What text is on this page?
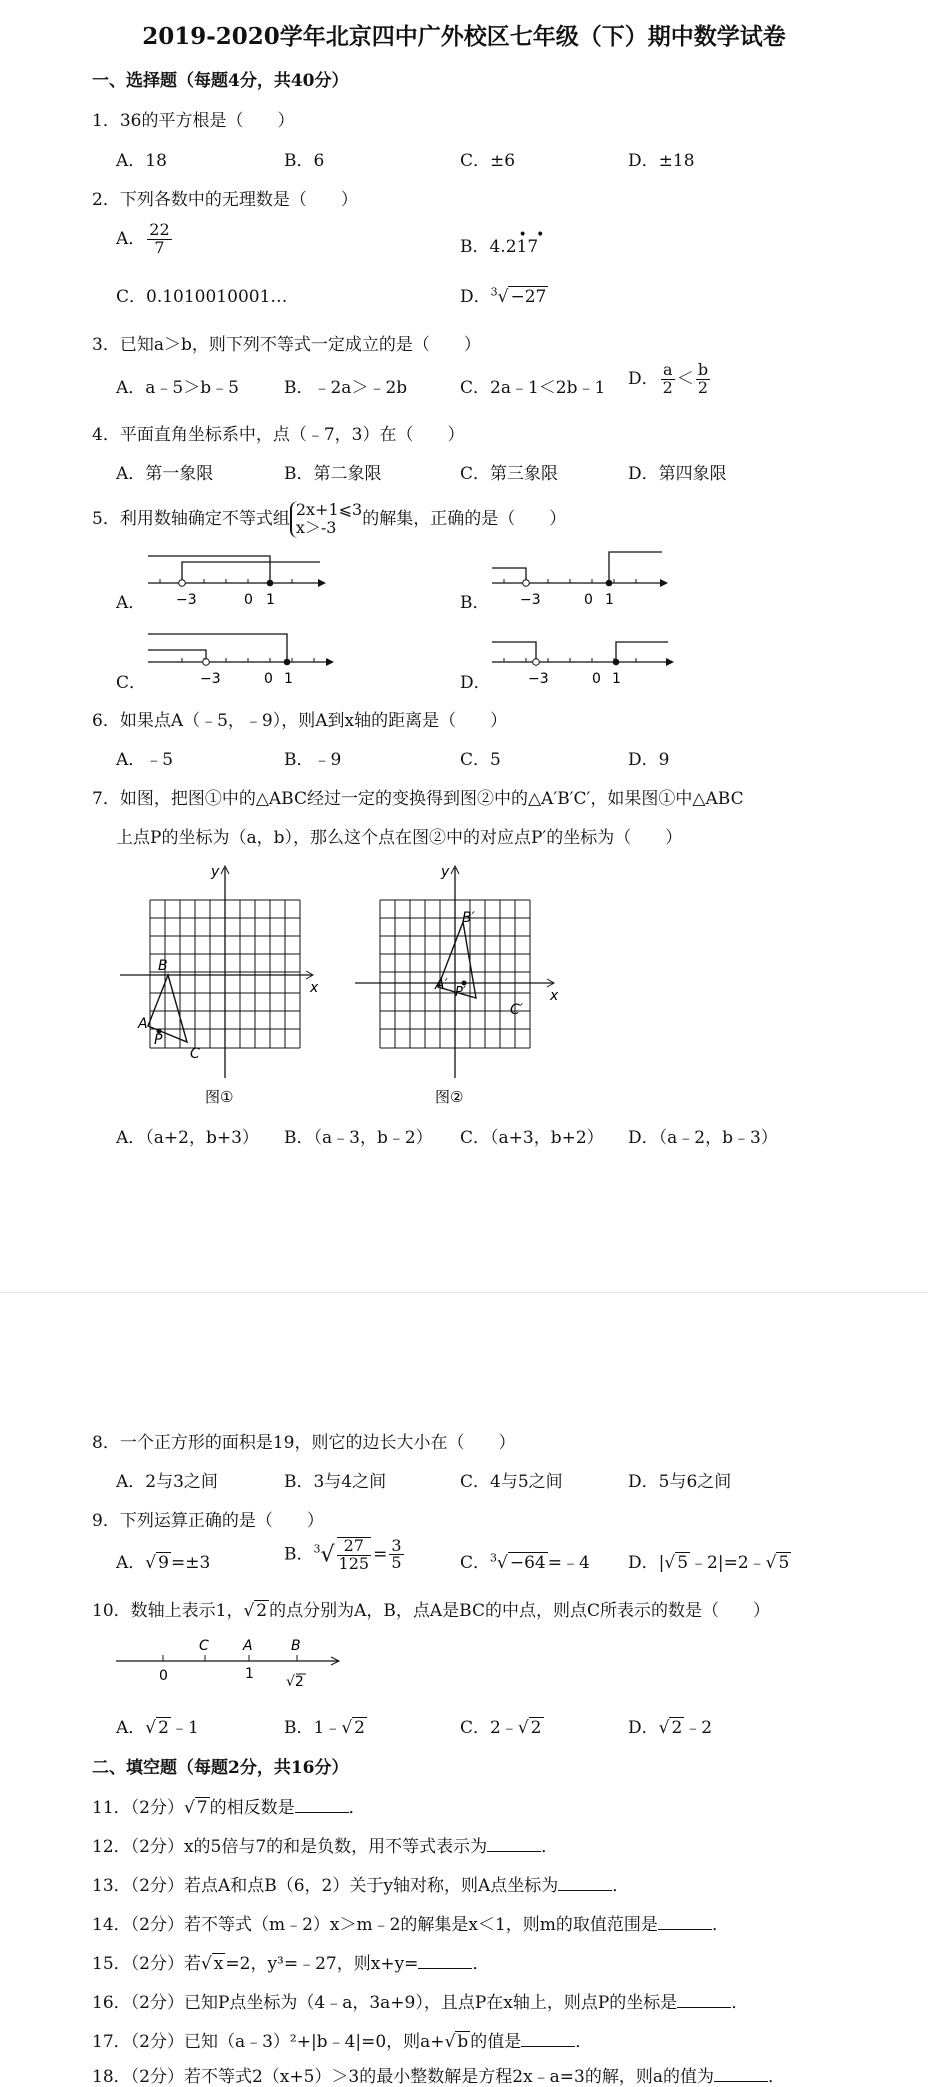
2019-2020学年北京四中广外校区七年级（下）期中数学试卷
一、选择题（每题4分，共40分）
1．36的平方根是（　　）
A．18	B．6	C．±6	D．±18
2．下列各数中的无理数是（　　）
A． $\frac{22}{7}$	B．4.2
• •
17
C．0.1010010001…	D．$^3$√ −27
3．已知a＞b，则下列不等式一定成立的是（　　）
A．a﹣5＞b﹣5	B．﹣2a＞﹣2b	C．2a﹣1＜2b﹣1 D． $\frac{a}{2} < \frac{b}{2}$
4．平面直角坐标系中，点（﹣7，3）在（　　）
A．第一象限	B．第二象限	C．第三象限	D．第四象限
5．利用数轴确定不等式组 2x+1⩽3
x＞-3	的解集，正确的是（　　）
A．	B．
C．	D．
−3	0 1	−3	0 1
−3	0 1	−3	0 1
6．如果点A（﹣5，﹣9），则A到x轴的距离是（　　）
A．﹣5	B．﹣9	C．5	D．9
7．如图，把图①中的△ABC经过一定的变换得到图②中的△A′B′C′，如果图①中△ABC
上点P的坐标为（a，b），那么这个点在图②中的对应点P′的坐标为（　　）
y
x
B
A
P
C
图①
y
x
B′
A′ P′
C′
图②
A．（a+2，b+3） B．（a﹣3，b﹣2） C．（a+3，b+2） D．（a﹣2，b﹣3）
8．一个正方形的面积是19，则它的边长大小在（　　）
A．2与3之间	B．3与4之间	C．4与5之间	D．5与6之间
9．下列运算正确的是（　　）
A．√ 9 =±3	B．$^3√ \frac{27}{125} = \frac{3}{5}$	C．$^3$√ −64 =﹣4 D．|√ 5 ﹣2|=2﹣√ 5
10．数轴上表示1，√ 2 的点分别为A，B，点A是BC的中点，则点C所表示的数是（　　）
C A	B
0	1 √2
A．√ 2 ﹣1	B．1﹣√ 2	C．2﹣√ 2	D．√ 2 ﹣2
二、填空题（每题2分，共16分）
11．（2分）√ 7 的相反数是	．
12．（2分）x的5倍与7的和是负数，用不等式表示为	．
13．（2分）若点A和点B（6，2）关于y轴对称，则A点坐标为	．
14．（2分）若不等式（m﹣2）x＞m﹣2的解集是x＜1，则m的取值范围是	．
15．（2分）若√ x =2，y³=﹣27，则x+y=	．
16．（2分）已知P点坐标为（4﹣a，3a+9），且点P在x轴上，则点P的坐标是	．
17．（2分）已知（a﹣3）²+|b﹣4|=0，则a+√ b 的值是	．
18．（2分）若不等式2（x+5）＞3的最小整数解是方程2x﹣a=3的解，则a的值为	．
